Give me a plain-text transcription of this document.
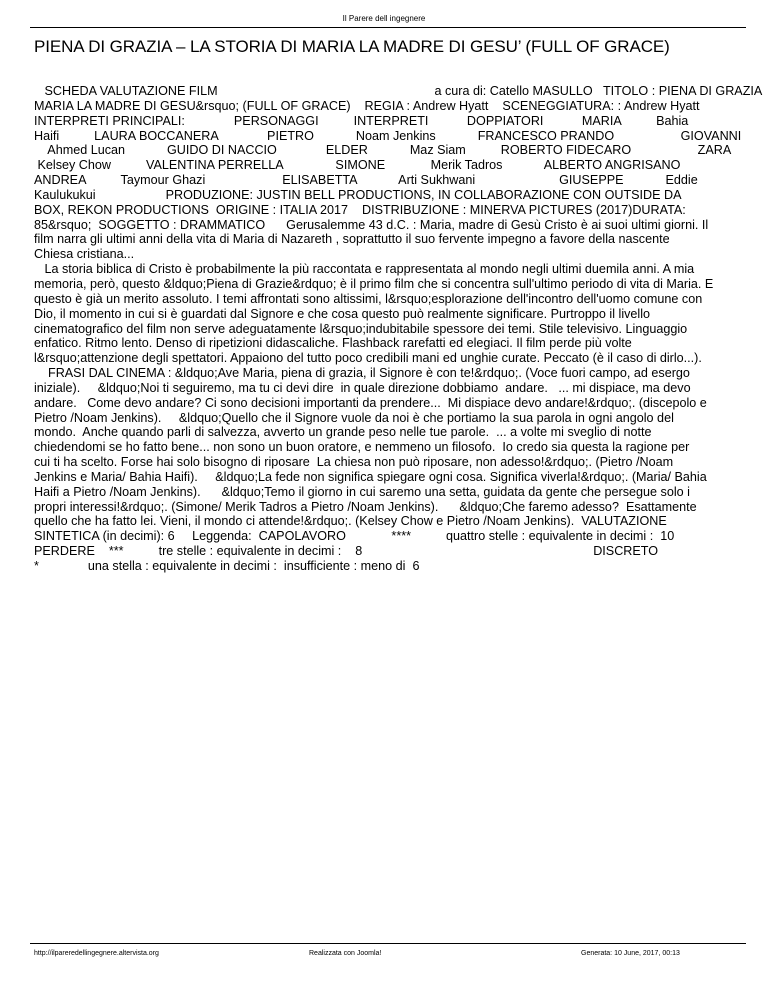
Il Parere dell ingegnere
PIENA DI GRAZIA – LA STORIA DI MARIA LA MADRE DI GESU’ (FULL OF GRACE)
SCHEDA VALUTAZIONE FILM                                                              a cura di: Catello MASULLO   TITOLO : PIENA DI GRAZIA
MARIA LA MADRE DI GESU&rsquo; (FULL OF GRACE)    REGIA : Andrew Hyatt    SCENEGGIATURA: : Andrew Hyatt
INTERPRETI PRINCIPALI:              PERSONAGGI          INTERPRETI           DOPPIATORI           MARIA          Bahia
Haifi          LAURA BOCCANERA              PIETRO            Noam Jenkins            FRANCESCO PRANDO                   GIOVANNI
Ahmed Lucan            GUIDO DI NACCIO              ELDER            Maz Siam          ROBERTO FIDECARO                   ZARA
Kelsey Chow          VALENTINA PERRELLA               SIMONE             Merik Tadros            ALBERTO ANGRISANO
ANDREA          Taymour Ghazi                      ELISABETTA            Arti Sukhwani                        GIUSEPPE            Eddie
Kaulukukui                    PRODUZIONE: JUSTIN BELL PRODUCTIONS, IN COLLABORAZIONE CON OUTSIDE DA
BOX, REKON PRODUCTIONS  ORIGINE : ITALIA 2017    DISTRIBUZIONE : MINERVA PICTURES (2017)DURATA:
85&rsquo;  SOGGETTO : DRAMMATICO      Gerusalemme 43 d.C. : Maria, madre di Gesù Cristo è ai suoi ultimi giorni. Il
film narra gli ultimi anni della vita di Maria di Nazareth , soprattutto il suo fervente impegno a favore della nascente
Chiesa cristiana...
La storia biblica di Cristo è probabilmente la più raccontata e rappresentata al mondo negli ultimi duemila anni. A mia
memoria, però, questo &ldquo;Piena di Grazie&rdquo; è il primo film che si concentra sull'ultimo periodo di vita di Maria. E
questo è già un merito assoluto. I temi affrontati sono altissimi, l&rsquo;esplorazione dell'incontro dell'uomo comune con
Dio, il momento in cui si è guardati dal Signore e che cosa questo può realmente significare. Purtroppo il livello
cinematografico del film non serve adeguatamente l&rsquo;indubitabile spessore dei temi. Stile televisivo. Linguaggio
enfatico. Ritmo lento. Denso di ripetizioni didascaliche. Flashback rarefatti ed elegiaci. Il film perde più volte
l&rsquo;attenzione degli spettatori. Appaiono del tutto poco credibili mani ed unghie curate. Peccato (è il caso di dirlo...).
FRASI DAL CINEMA : &ldquo;Ave Maria, piena di grazia, il Signore è con te!&rdquo;. (Voce fuori campo, ad esergo
iniziale).     &ldquo;Noi ti seguiremo, ma tu ci devi dire  in quale direzione dobbiamo  andare.   ... mi dispiace, ma devo
andare.   Come devo andare? Ci sono decisioni importanti da prendere...  Mi dispiace devo andare!&rdquo;. (discepolo e
Pietro /Noam Jenkins).     &ldquo;Quello che il Signore vuole da noi è che portiamo la sua parola in ogni angolo del
mondo.  Anche quando parli di salvezza, avverto un grande peso nelle tue parole.  ... a volte mi sveglio di notte
chiedendomi se ho fatto bene... non sono un buon oratore, e nemmeno un filosofo.  Io credo sia questa la ragione per
cui ti ha scelto. Forse hai solo bisogno di riposare  La chiesa non può riposare, non adesso!&rdquo;. (Pietro /Noam
Jenkins e Maria/ Bahia Haifi).     &ldquo;La fede non significa spiegare ogni cosa. Significa viverla!&rdquo;. (Maria/ Bahia
Haifi a Pietro /Noam Jenkins).      &ldquo;Temo il giorno in cui saremo una setta, guidata da gente che persegue solo i
propri interessi!&rdquo;. (Simone/ Merik Tadros a Pietro /Noam Jenkins).      &ldquo;Che faremo adesso?  Esattamente
quello che ha fatto lei. Vieni, il mondo ci attende!&rdquo;. (Kelsey Chow e Pietro /Noam Jenkins).  VALUTAZIONE
SINTETICA (in decimi): 6     Leggenda:  CAPOLAVORO             ****          quattro stelle : equivalente in decimi :  10
PERDERE    ***          tre stelle : equivalente in decimi :    8                                                                  DISCRETO
*              una stella : equivalente in decimi :  insufficiente : meno di  6
http://ilpareredellingegnere.altervista.org	Realizzata con Joomla!	Generata: 10 June, 2017, 00:13
